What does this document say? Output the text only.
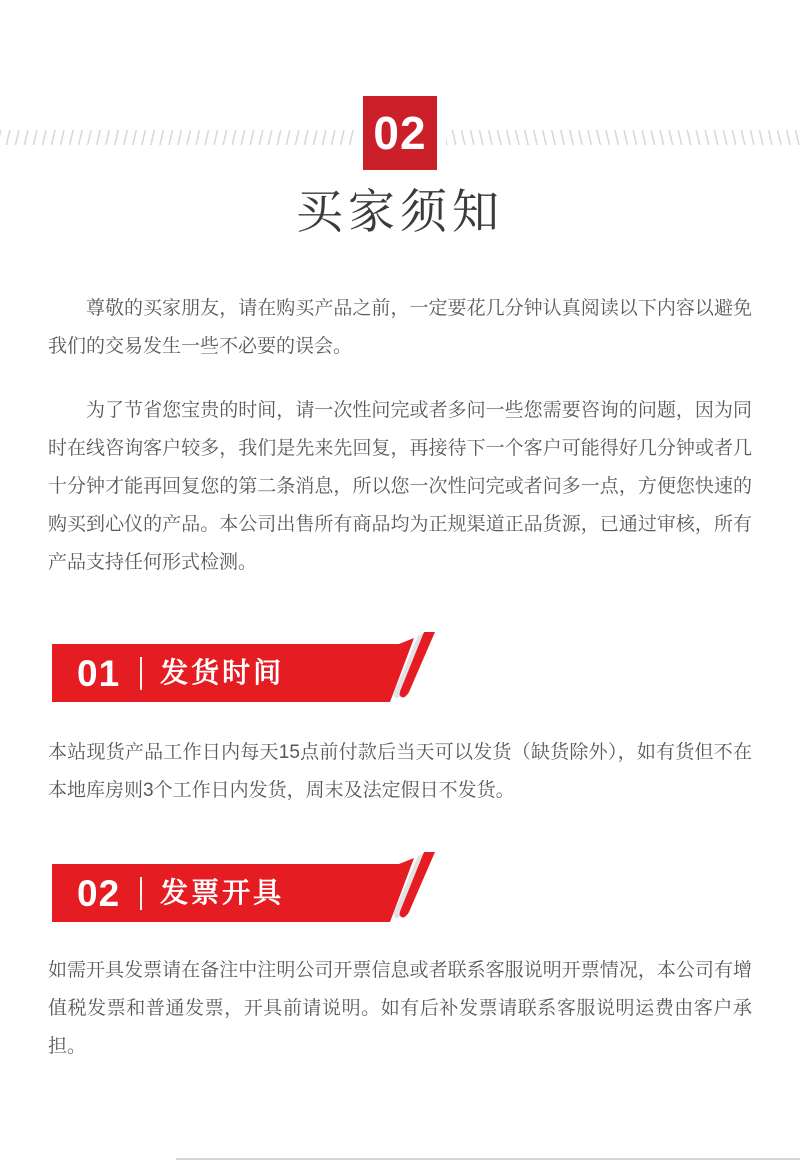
02
买家须知

尊敬的买家朋友，请在购买产品之前，一定要花几分钟认真阅读以下内容以避免我们的交易发生一些不必要的误会。

为了节省您宝贵的时间，请一次性问完或者多问一些您需要咨询的问题，因为同时在线咨询客户较多，我们是先来先回复，再接待下一个客户可能得好几分钟或者几十分钟才能再回复您的第二条消息，所以您一次性问完或者问多一点，方便您快速的购买到心仪的产品。本公司出售所有商品均为正规渠道正品货源，已通过审核，所有产品支持任何形式检测。

01 发货时间

本站现货产品工作日内每天15点前付款后当天可以发货（缺货除外），如有货但不在本地库房则3个工作日内发货，周末及法定假日不发货。

02 发票开具

如需开具发票请在备注中注明公司开票信息或者联系客服说明开票情况，本公司有增值税发票和普通发票，开具前请说明。如有后补发票请联系客服说明运费由客户承担。
